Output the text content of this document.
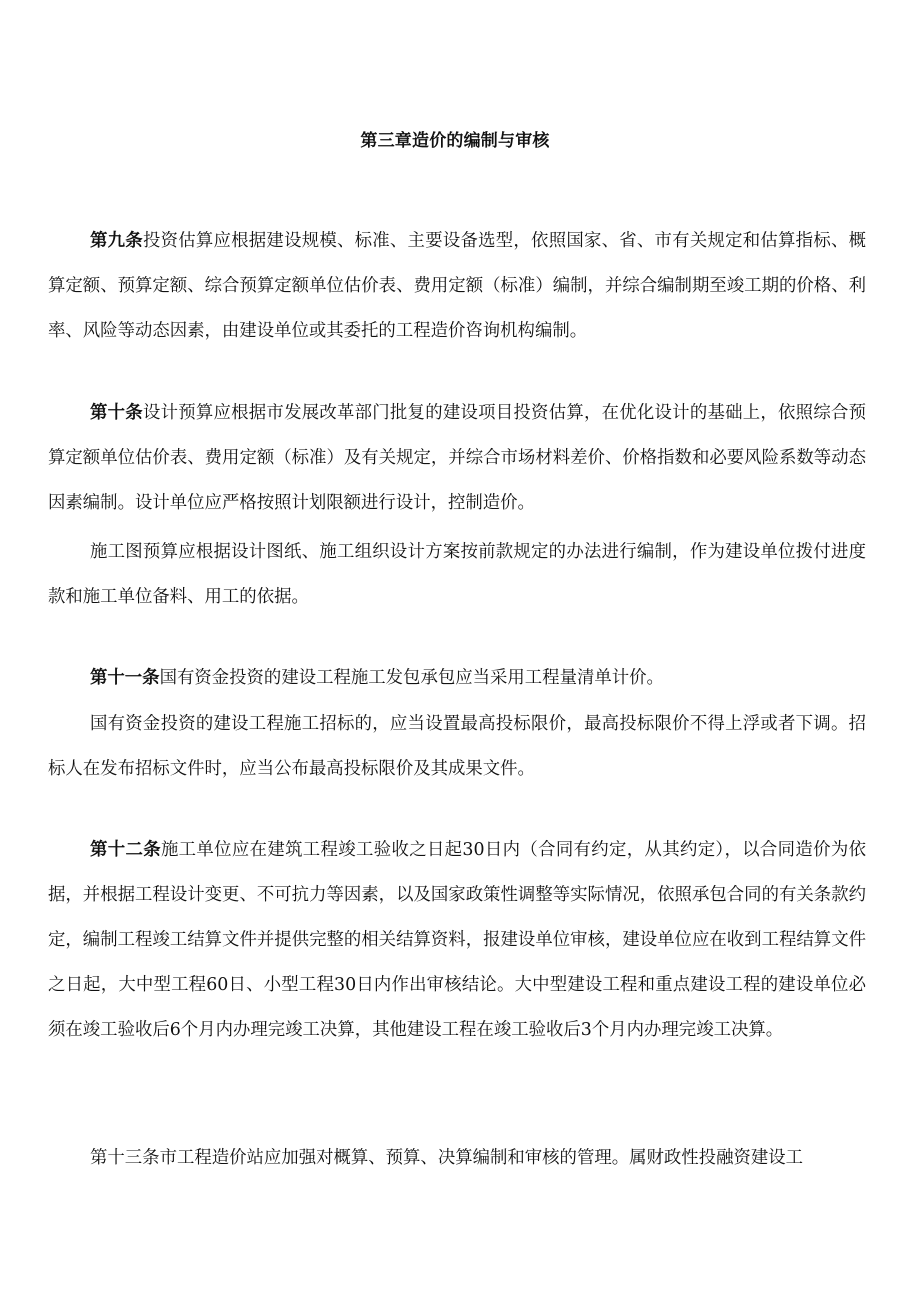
第三章造价的编制与审核

第九条投资估算应根据建设规模、标准、主要设备选型，依照国家、省、市有关规定和估算指标、概算定额、预算定额、综合预算定额单位估价表、费用定额（标准）编制，并综合编制期至竣工期的价格、利率、风险等动态因素，由建设单位或其委托的工程造价咨询机构编制。

第十条设计预算应根据市发展改革部门批复的建设项目投资估算，在优化设计的基础上，依照综合预算定额单位估价表、费用定额（标准）及有关规定，并综合市场材料差价、价格指数和必要风险系数等动态因素编制。设计单位应严格按照计划限额进行设计，控制造价。

施工图预算应根据设计图纸、施工组织设计方案按前款规定的办法进行编制，作为建设单位拨付进度款和施工单位备料、用工的依据。

第十一条国有资金投资的建设工程施工发包承包应当采用工程量清单计价。

国有资金投资的建设工程施工招标的，应当设置最高投标限价，最高投标限价不得上浮或者下调。招标人在发布招标文件时，应当公布最高投标限价及其成果文件。

第十二条施工单位应在建筑工程竣工验收之日起30日内（合同有约定，从其约定），以合同造价为依据，并根据工程设计变更、不可抗力等因素，以及国家政策性调整等实际情况，依照承包合同的有关条款约定，编制工程竣工结算文件并提供完整的相关结算资料，报建设单位审核，建设单位应在收到工程结算文件之日起，大中型工程60日、小型工程30日内作出审核结论。大中型建设工程和重点建设工程的建设单位必须在竣工验收后6个月内办理完竣工决算，其他建设工程在竣工验收后3个月内办理完竣工决算。

第十三条市工程造价站应加强对概算、预算、决算编制和审核的管理。属财政性投融资建设工
